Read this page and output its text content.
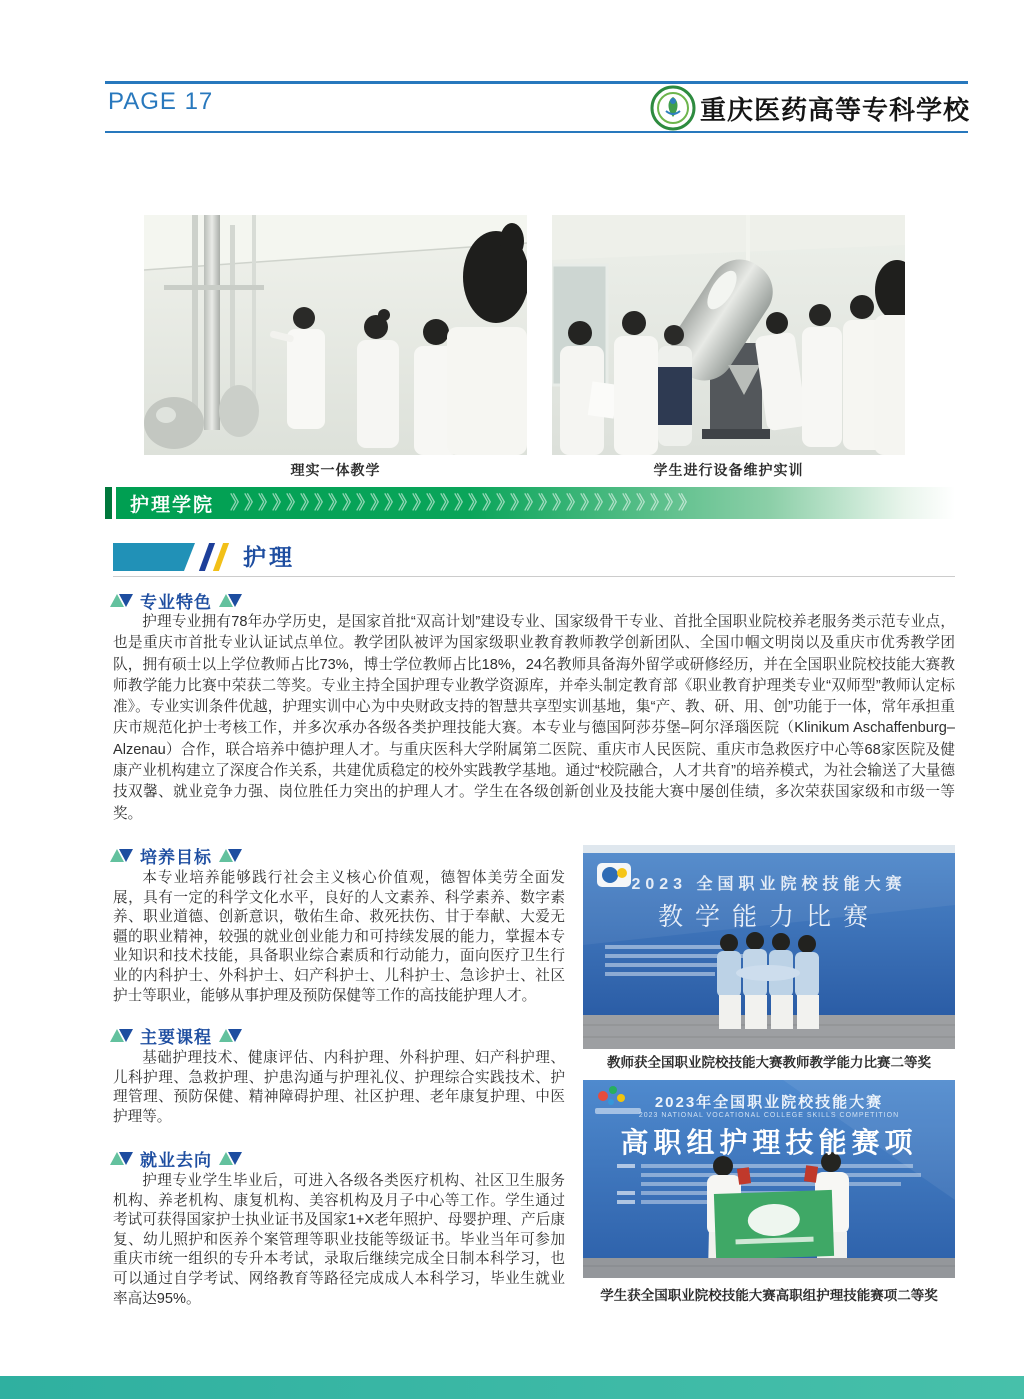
PAGE 17	重庆医药高等专科学校
理实一体教学	学生进行设备维护实训
护理学院 》》》》》》》》》》》》》》》》》》》》》》》》》》》》》》》》》
护理
专业特色

护理专业拥有78年办学历史，是国家首批“双高计划”建设专业、国家级骨干专业、首批全国职业院校养老服务类示范专业点，也是重庆市首批专业认证试点单位。教学团队被评为国家级职业教育教师教学创新团队、全国巾帼文明岗以及重庆市优秀教学团队，拥有硕士以上学位教师占比73%，博士学位教师占比18%，24名教师具备海外留学或研修经历，并在全国职业院校技能大赛教师教学能力比赛中荣获二等奖。专业主持全国护理专业教学资源库，并牵头制定教育部《职业教育护理类专业“双师型”教师认定标准》。专业实训条件优越，护理实训中心为中央财政支持的智慧共享型实训基地，集“产、教、研、用、创”功能于一体，常年承担重庆市规范化护士考核工作，并多次承办各级各类护理技能大赛。本专业与德国阿莎芬堡–阿尔泽瑙医院（Klinikum Aschaffenburg–Alzenau）合作，联合培养中德护理人才。与重庆医科大学附属第二医院、重庆市人民医院、重庆市急救医疗中心等68家医院及健康产业机构建立了深度合作关系，共建优质稳定的校外实践教学基地。通过“校院融合，人才共育”的培养模式，为社会输送了大量德技双馨、就业竞争力强、岗位胜任力突出的护理人才。学生在各级创新创业及技能大赛中屡创佳绩，多次荣获国家级和市级一等奖。

培养目标

本专业培养能够践行社会主义核心价值观，德智体美劳全面发展，具有一定的科学文化水平，良好的人文素养、科学素养、数字素养、职业道德、创新意识，敬佑生命、救死扶伤、甘于奉献、大爱无疆的职业精神，较强的就业创业能力和可持续发展的能力，掌握本专业知识和技术技能，具备职业综合素质和行动能力，面向医疗卫生行业的内科护士、外科护士、妇产科护士、儿科护士、急诊护士、社区护士等职业，能够从事护理及预防保健等工作的高技能护理人才。

主要课程

基础护理技术、健康评估、内科护理、外科护理、妇产科护理、儿科护理、急救护理、护患沟通与护理礼仪、护理综合实践技术、护理管理、预防保健、精神障碍护理、社区护理、老年康复护理、中医护理等。

就业去向

护理专业学生毕业后，可进入各级各类医疗机构、社区卫生服务机构、养老机构、康复机构、美容机构及月子中心等工作。学生通过考试可获得国家护士执业证书及国家1+X老年照护、母婴护理、产后康复、幼儿照护和医养个案管理等职业技能等级证书。毕业当年可参加重庆市统一组织的专升本考试，录取后继续完成全日制本科学习，也可以通过自学考试、网络教育等路径完成成人本科学习，毕业生就业率高达95%。

2023 全国职业院校技能大赛
教学能力比赛
教师获全国职业院校技能大赛教师教学能力比赛二等奖
2023年全国职业院校技能大赛
2023 NATIONAL VOCATIONAL COLLEGE SKILLS COMPETITION
高职组护理技能赛项
学生获全国职业院校技能大赛高职组护理技能赛项二等奖
